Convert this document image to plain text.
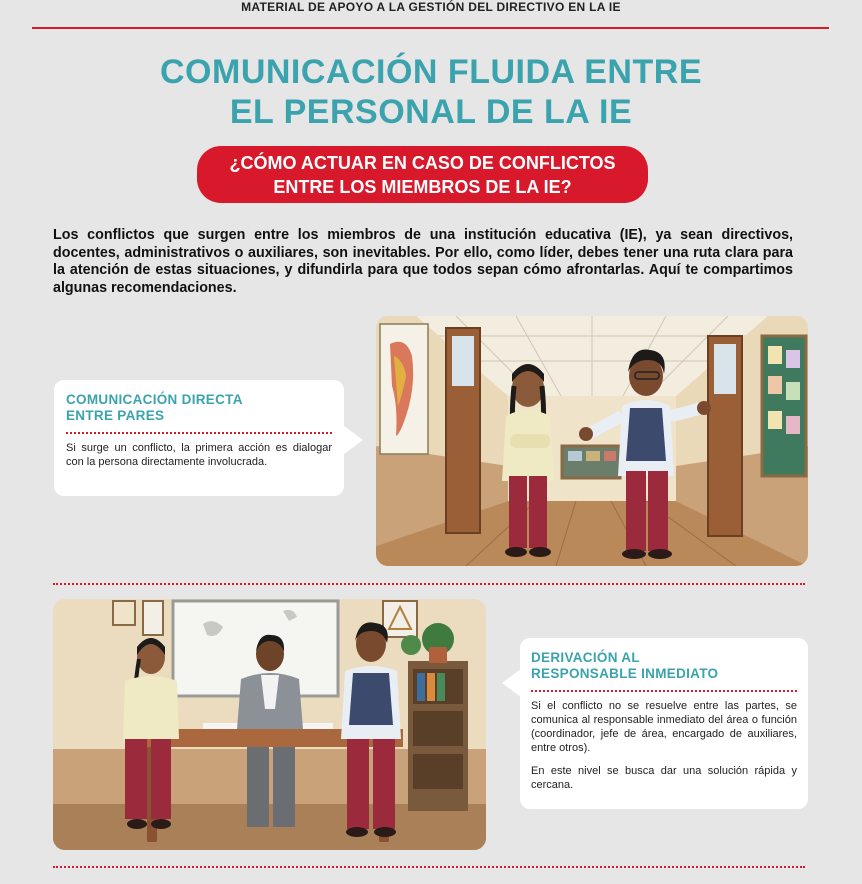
MATERIAL DE APOYO A LA GESTIÓN DEL DIRECTIVO EN LA IE
COMUNICACIÓN FLUIDA ENTRE
EL PERSONAL DE LA IE
¿CÓMO ACTUAR EN CASO DE CONFLICTOS
ENTRE LOS MIEMBROS DE LA IE?
Los conflictos que surgen entre los miembros de una institución educativa (IE), ya sean directivos, docentes, administrativos o auxiliares, son inevitables. Por ello, como líder, debes tener una ruta clara para la atención de estas situaciones, y difundirla para que todos sepan cómo afrontarlas. Aquí te compartimos algunas recomendaciones.
COMUNICACIÓN DIRECTA
ENTRE PARES
Si surge un conflicto, la primera acción es dialogar con la persona directamente involucrada.
DERIVACIÓN AL
RESPONSABLE INMEDIATO
Si el conflicto no se resuelve entre las partes, se comunica al responsable inmediato del área o función (coordinador, jefe de área, encargado de auxiliares, entre otros).
En este nivel se busca dar una solución rápida y cercana.
